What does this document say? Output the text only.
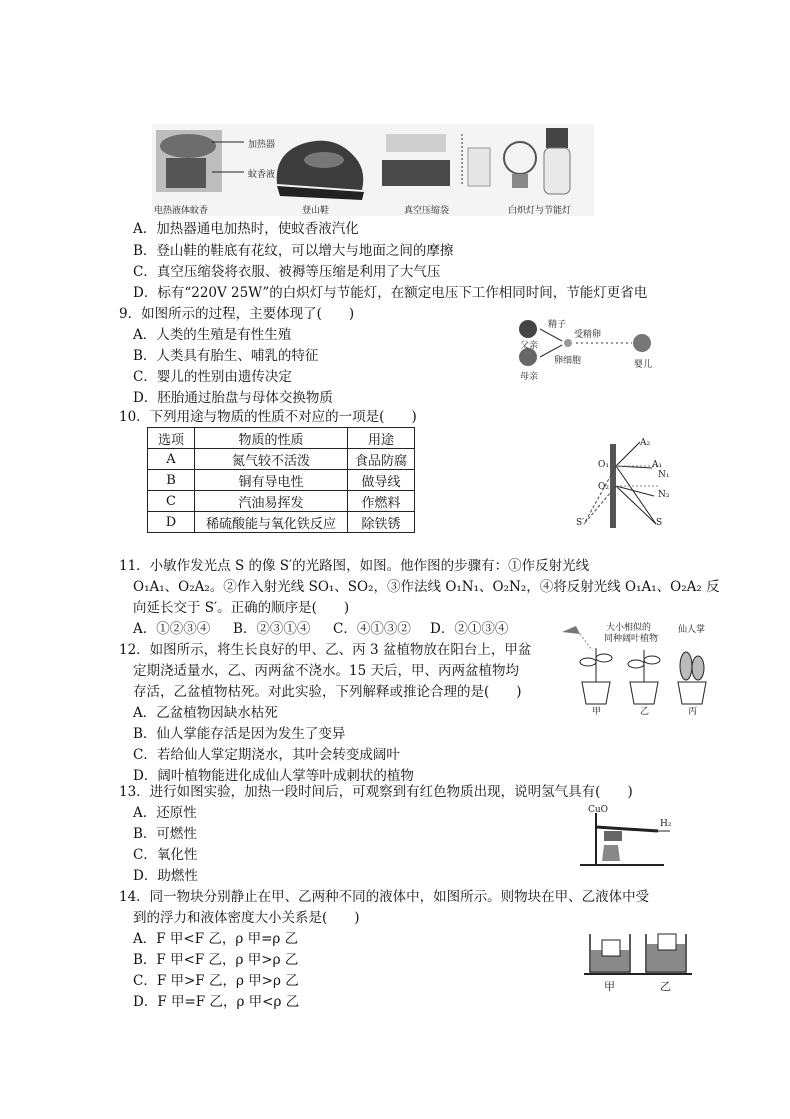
加热器
蚊香液
电热液体蚊香	登山鞋	真空压缩袋	白炽灯与节能灯
A．加热器通电加热时，使蚊香液汽化
B．登山鞋的鞋底有花纹，可以增大与地面之间的摩擦
C．真空压缩袋将衣服、被褥等压缩是利用了大气压
D．标有“220V 25W”的白炽灯与节能灯，在额定电压下工作相同时间，节能灯更省电
9．如图所示的过程，主要体现了(　　)
A．人类的生殖是有性生殖
B．人类具有胎生、哺乳的特征
C．婴儿的性别由遗传决定
D．胚胎通过胎盘与母体交换物质
父亲
母亲
精子
受精卵
卵细胞	婴儿
10．下列用途与物质的性质不对应的一项是(　　)
选项	物质的性质	用途
A	氮气较不活泼	食品防腐
B	铜有导电性	做导线
C	汽油易挥发	作燃料
D	稀硫酸能与氧化铁反应	除铁锈
A₂
A₁
N₁
N₂
O₁
O₂
S
S′
11．小敏作发光点 S 的像 S′的光路图，如图。他作图的步骤有：①作反射光线
O₁A₁、O₂A₂。②作入射光线 SO₁、SO₂，③作法线 O₁N₁、O₂N₂，④将反射光线 O₁A₁、O₂A₂ 反
向延长交于 S′。正确的顺序是(　　)
A．①②③④ B．②③①④ C．④①③② D．②①③④
12．如图所示，将生长良好的甲、乙、丙 3 盆植物放在阳台上，甲盆
定期浇适量水，乙、丙两盆不浇水。15 天后，甲、丙两盆植物均
存活，乙盆植物枯死。对此实验，下列解释或推论合理的是(　　)
A．乙盆植物因缺水枯死
B．仙人掌能存活是因为发生了变异
C．若给仙人掌定期浇水，其叶会转变成阔叶
D．阔叶植物能进化成仙人掌等叶成刺状的植物
大小相似的
同种阔叶植物
仙人掌
甲	乙	丙
13．进行如图实验，加热一段时间后，可观察到有红色物质出现，说明氢气具有(　　)
A．还原性
B．可燃性
C．氧化性
D．助燃性
CuO
H₂
14．同一物块分别静止在甲、乙两种不同的液体中，如图所示。则物块在甲、乙液体中受
到的浮力和液体密度大小关系是(　　)
A．F 甲<F 乙，ρ 甲=ρ 乙
B．F 甲<F 乙，ρ 甲>ρ 乙
C．F 甲>F 乙，ρ 甲>ρ 乙
D．F 甲=F 乙，ρ 甲<ρ 乙
甲	乙
